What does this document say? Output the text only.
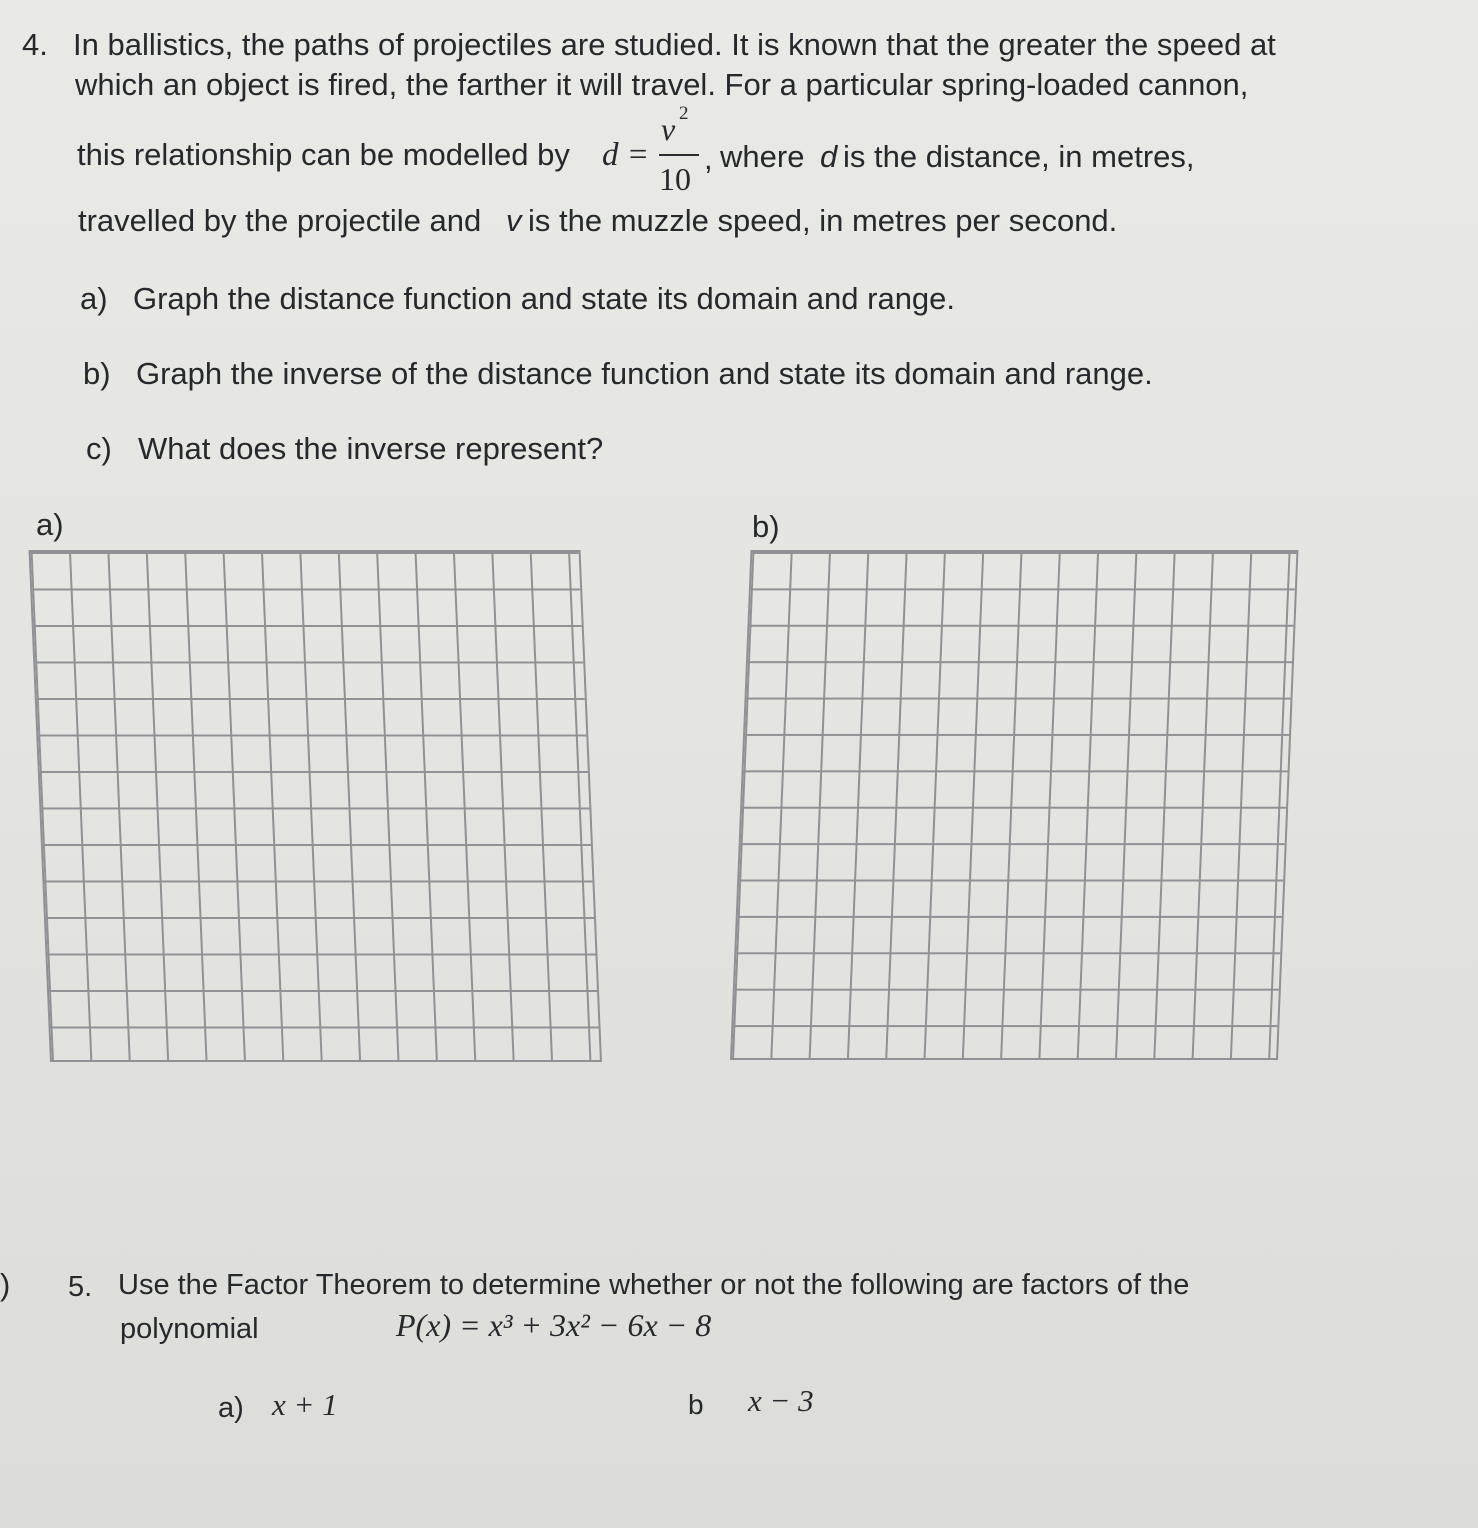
4. In ballistics, the paths of projectiles are studied. It is known that the greater the speed at
which an object is fired, the farther it will travel. For a particular spring-loaded cannon,
this relationship can be modelled by d =
v 2
10
, where d is the distance, in metres,
travelled by the projectile and v is the muzzle speed, in metres per second.
a) Graph the distance function and state its domain and range.
b) Graph the inverse of the distance function and state its domain and range.
c) What does the inverse represent?
a)	b)
) 5. Use the Factor Theorem to determine whether or not the following are factors of the
polynomial	P(x) = x³ + 3x² − 6x − 8
a) x + 1	b x − 3
